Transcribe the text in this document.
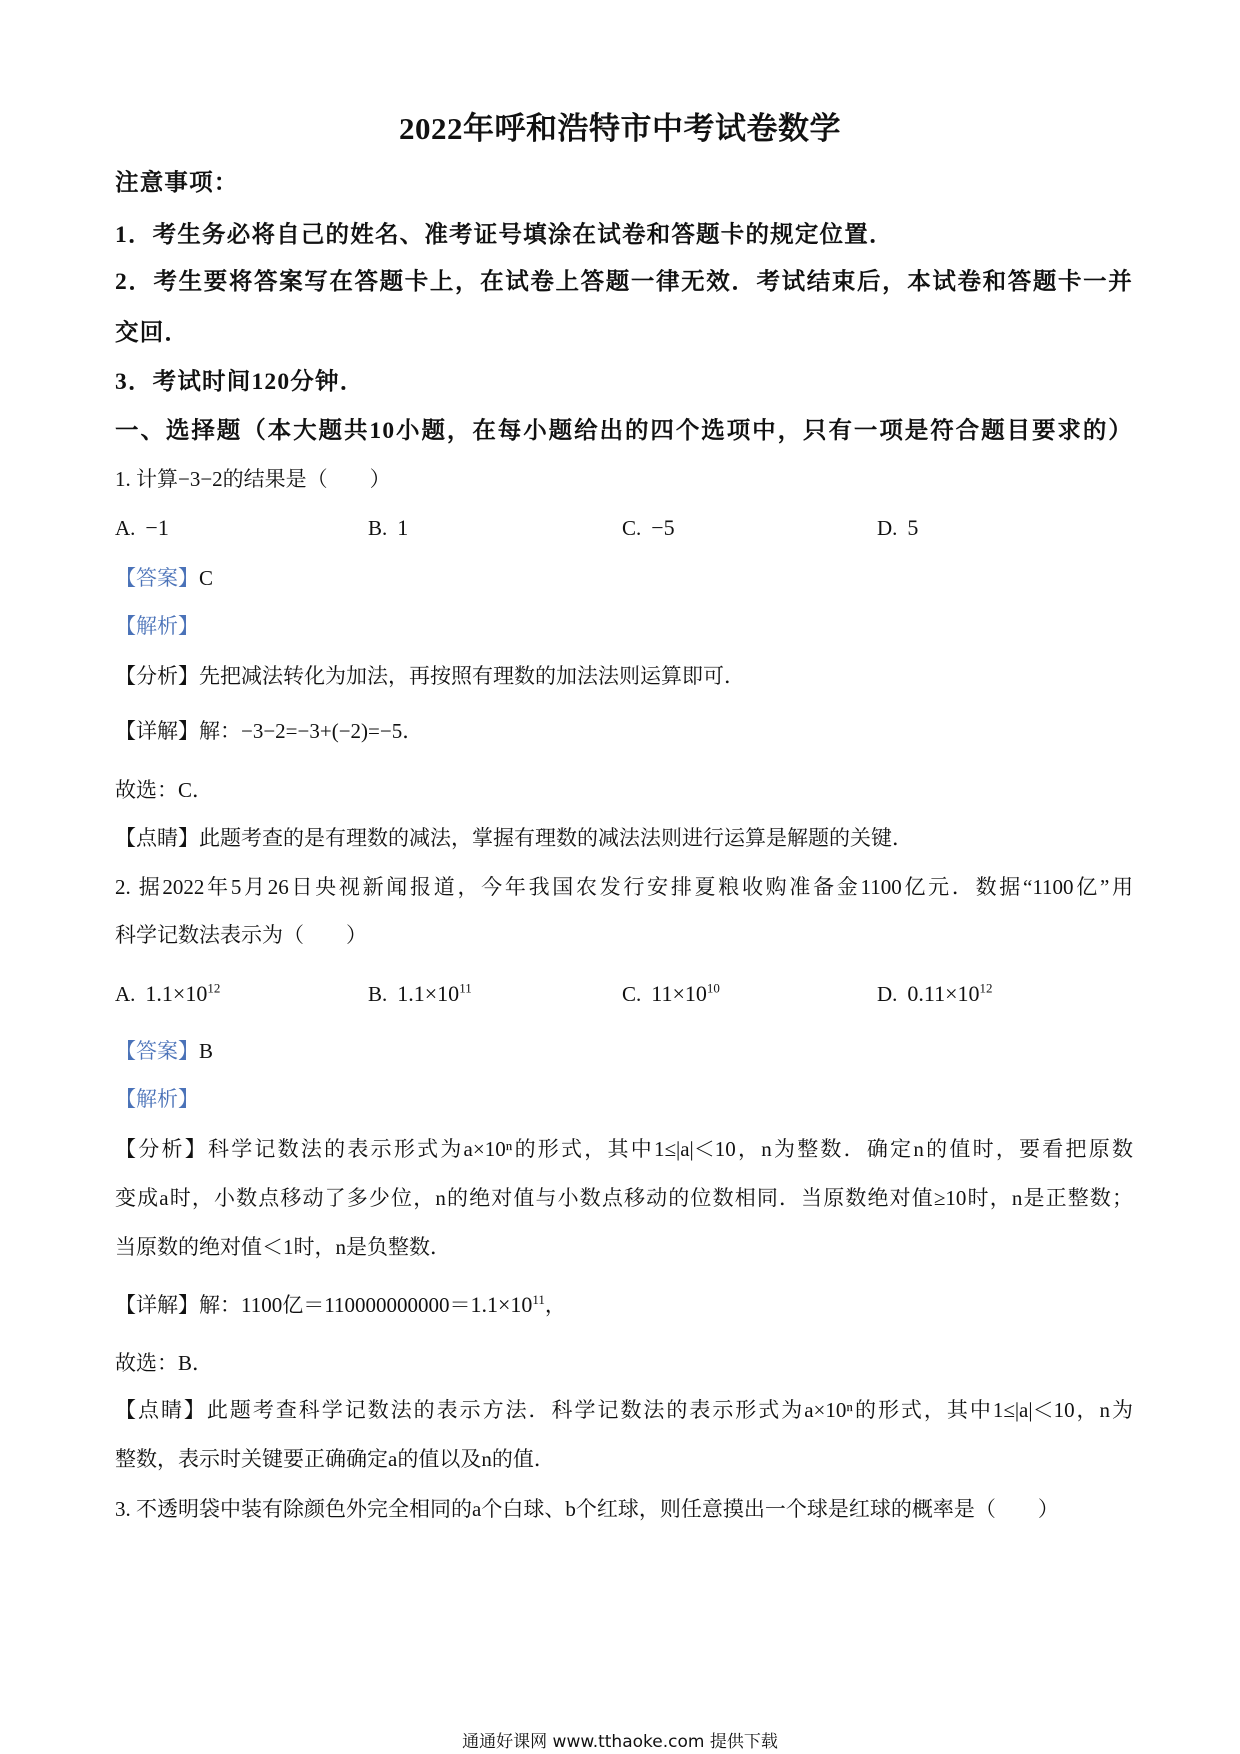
2022年呼和浩特市中考试卷数学
注意事项：
1．考生务必将自己的姓名、准考证号填涂在试卷和答题卡的规定位置．
2．考生要将答案写在答题卡上，在试卷上答题一律无效．考试结束后，本试卷和答题卡一并
交回．
3．考试时间120分钟．
一、选择题（本大题共10小题，在每小题给出的四个选项中，只有一项是符合题目要求的）
1. 计算−3−2的结果是（　　）
A. −1	B. 1	C. −5	D. 5
【答案】C
【解析】
【分析】先把减法转化为加法，再按照有理数的加法法则运算即可．
【详解】解：−3−2=−3+(−2)=−5．
故选：C．
【点睛】此题考查的是有理数的减法，掌握有理数的减法法则进行运算是解题的关键．
2. 据2022年5月26日央视新闻报道，今年我国农发行安排夏粮收购准备金1100亿元．数据“1100亿”用
科学记数法表示为（　　）
A. $1.1\times 10^{12}$	B. $1.1\times 10^{11}$	C. $11\times 10^{10}$	D. $0.11\times 10^{12}$
【答案】B
【解析】
【分析】科学记数法的表示形式为a×10ⁿ的形式，其中1≤|a|＜10，n为整数．确定n的值时，要看把原数
变成a时，小数点移动了多少位，n的绝对值与小数点移动的位数相同．当原数绝对值≥10时，n是正整数；
当原数的绝对值＜1时，n是负整数．
【详解】解：1100亿$=110000000000=1.1\times 10^{11}$，
故选：B．
【点睛】此题考查科学记数法的表示方法．科学记数法的表示形式为a×10ⁿ的形式，其中1≤|a|＜10，n为
整数，表示时关键要正确确定a的值以及n的值．
3. 不透明袋中装有除颜色外完全相同的a个白球、b个红球，则任意摸出一个球是红球的概率是（　　）
通通好课网 www.tthaoke.com 提供下载
